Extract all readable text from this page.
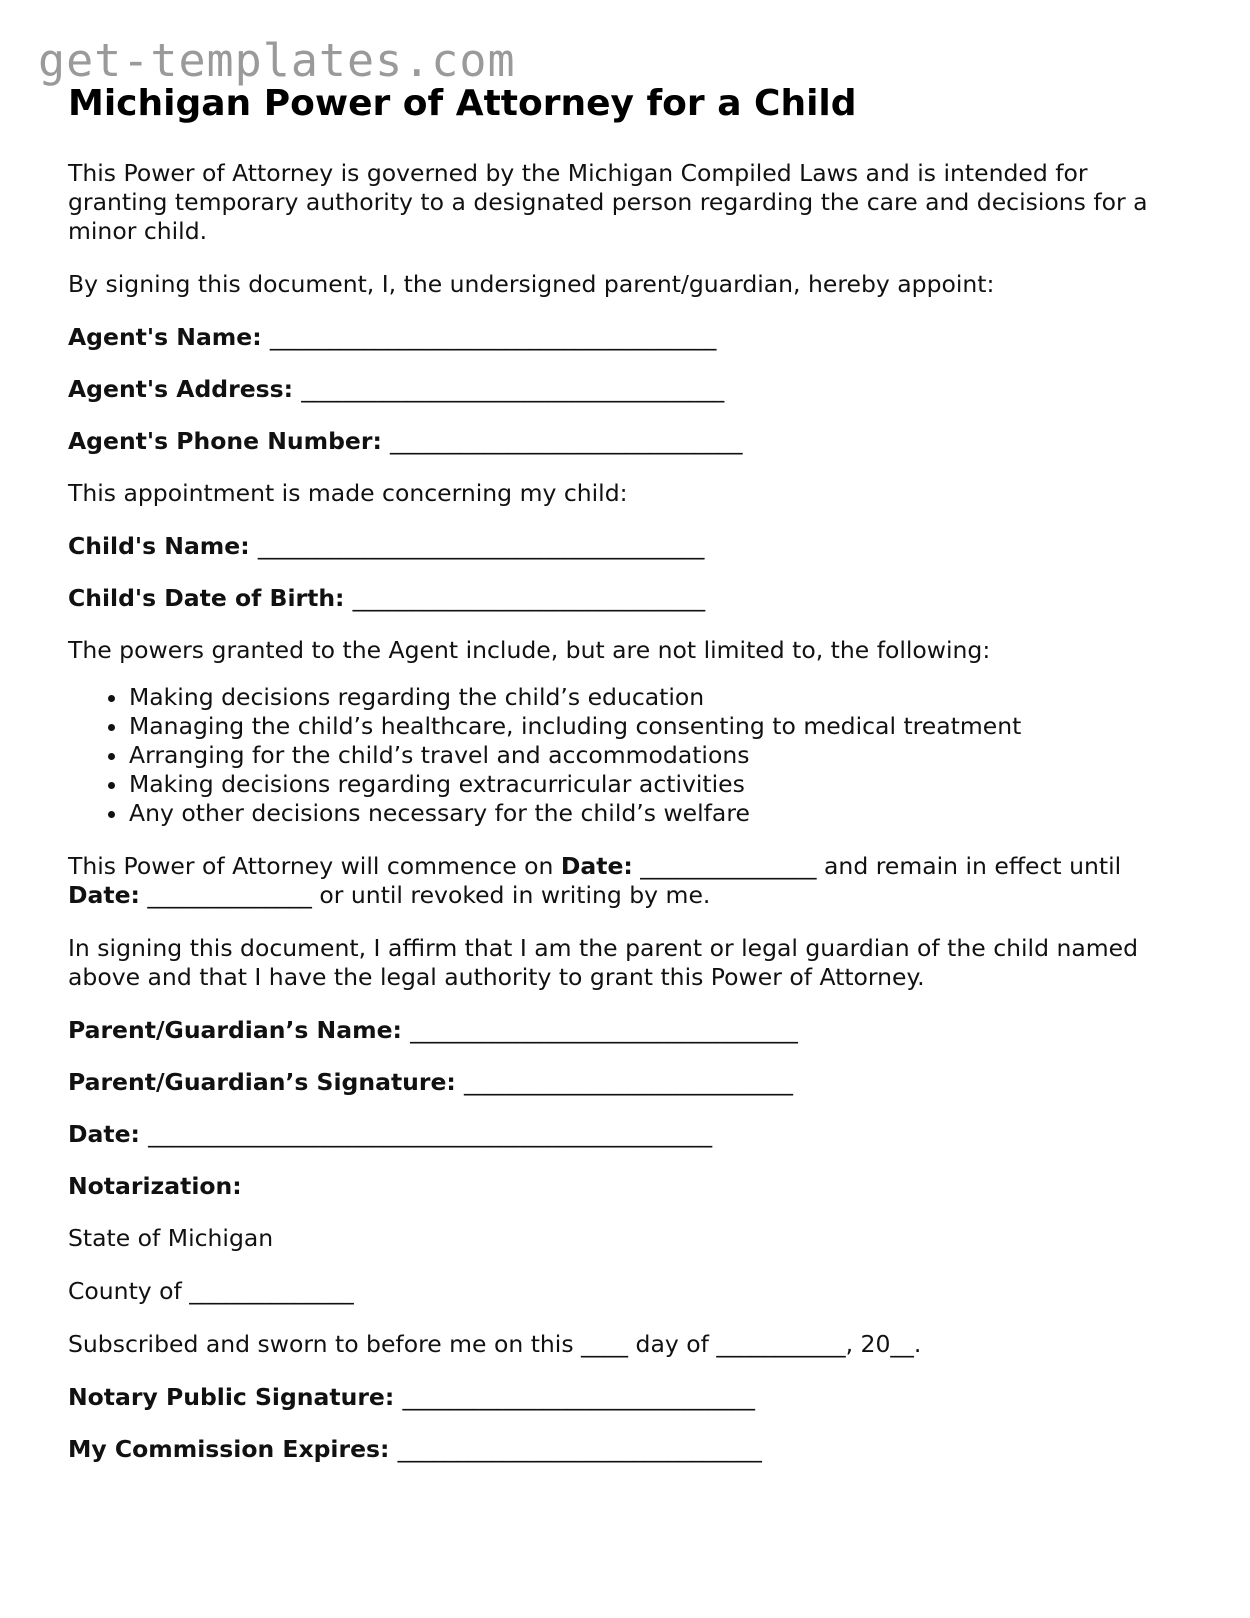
get-templates.com
Michigan Power of Attorney for a Child

This Power of Attorney is governed by the Michigan Compiled Laws and is intended for granting temporary authority to a designated person regarding the care and decisions for a minor child.

By signing this document, I, the undersigned parent/guardian, hereby appoint:

Agent's Name: ______________________________________
Agent's Address: ____________________________________
Agent's Phone Number: ______________________________

This appointment is made concerning my child:

Child's Name: ______________________________________
Child's Date of Birth: ______________________________

The powers granted to the Agent include, but are not limited to, the following:

• Making decisions regarding the child’s education
• Managing the child’s healthcare, including consenting to medical treatment
• Arranging for the child’s travel and accommodations
• Making decisions regarding extracurricular activities
• Any other decisions necessary for the child’s welfare

This Power of Attorney will commence on Date: _______________ and remain in effect until Date: ______________ or until revoked in writing by me.

In signing this document, I affirm that I am the parent or legal guardian of the child named above and that I have the legal authority to grant this Power of Attorney.

Parent/Guardian’s Name: _________________________________
Parent/Guardian’s Signature: ____________________________
Date: ________________________________________________
Notarization:

State of Michigan

County of ______________

Subscribed and sworn to before me on this ____ day of ___________, 20__.

Notary Public Signature: ______________________________
My Commission Expires: _______________________________
